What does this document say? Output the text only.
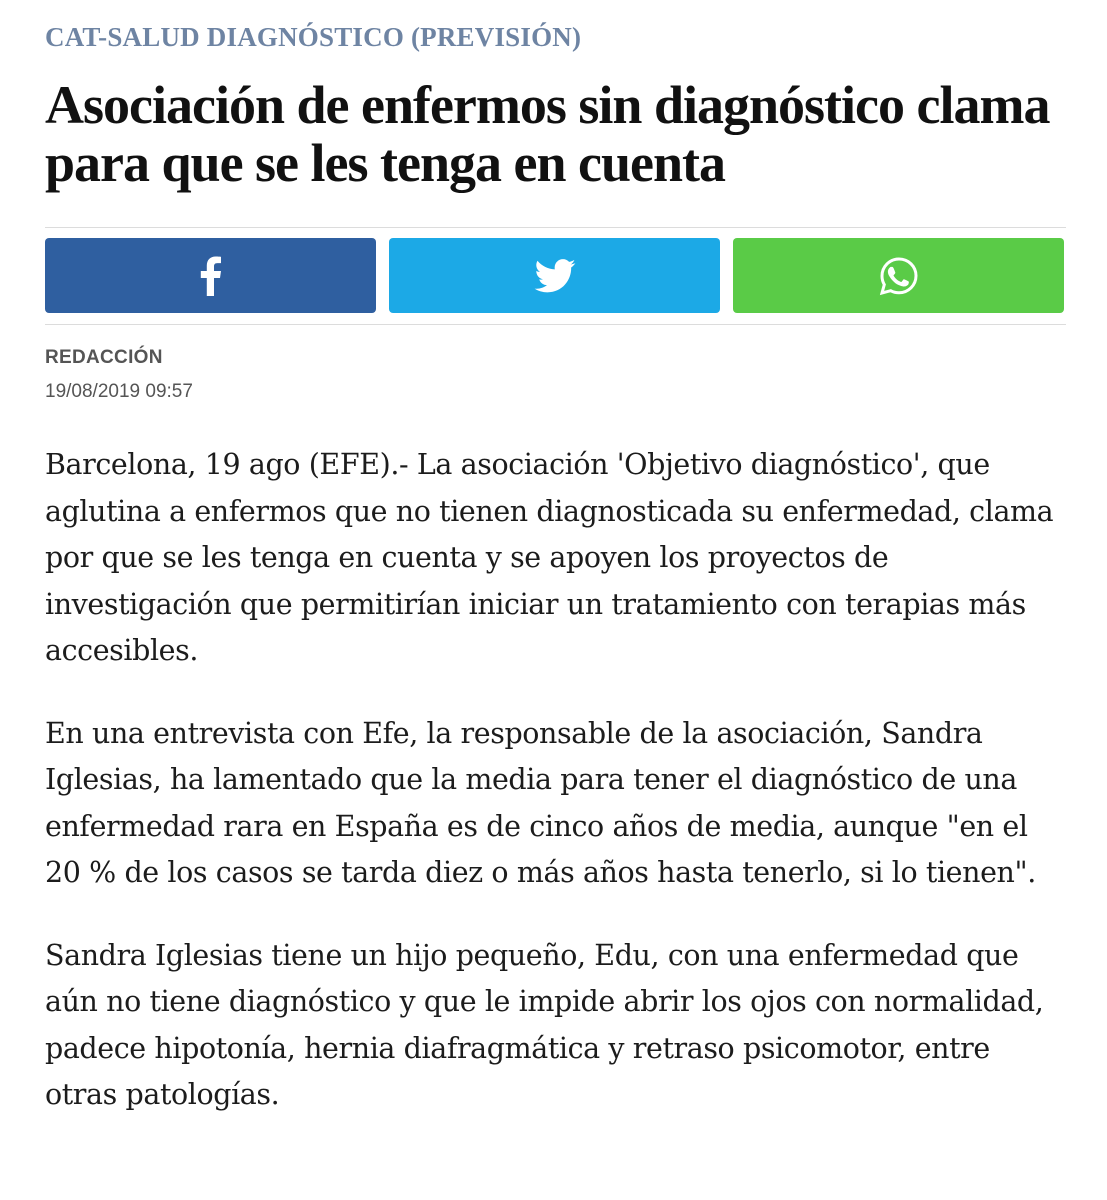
CAT-SALUD DIAGNÓSTICO (PREVISIÓN)
Asociación de enfermos sin diagnóstico clama para que se les tenga en cuenta
REDACCIÓN
19/08/2019 09:57

Barcelona, 19 ago (EFE).- La asociación 'Objetivo diagnóstico', que aglutina a enfermos que no tienen diagnosticada su enfermedad, clama por que se les tenga en cuenta y se apoyen los proyectos de investigación que permitirían iniciar un tratamiento con terapias más accesibles.

En una entrevista con Efe, la responsable de la asociación, Sandra Iglesias, ha lamentado que la media para tener el diagnóstico de una enfermedad rara en España es de cinco años de media, aunque "en el 20 % de los casos se tarda diez o más años hasta tenerlo, si lo tienen".

Sandra Iglesias tiene un hijo pequeño, Edu, con una enfermedad que aún no tiene diagnóstico y que le impide abrir los ojos con normalidad, padece hipotonía, hernia diafragmática y retraso psicomotor, entre otras patologías.
